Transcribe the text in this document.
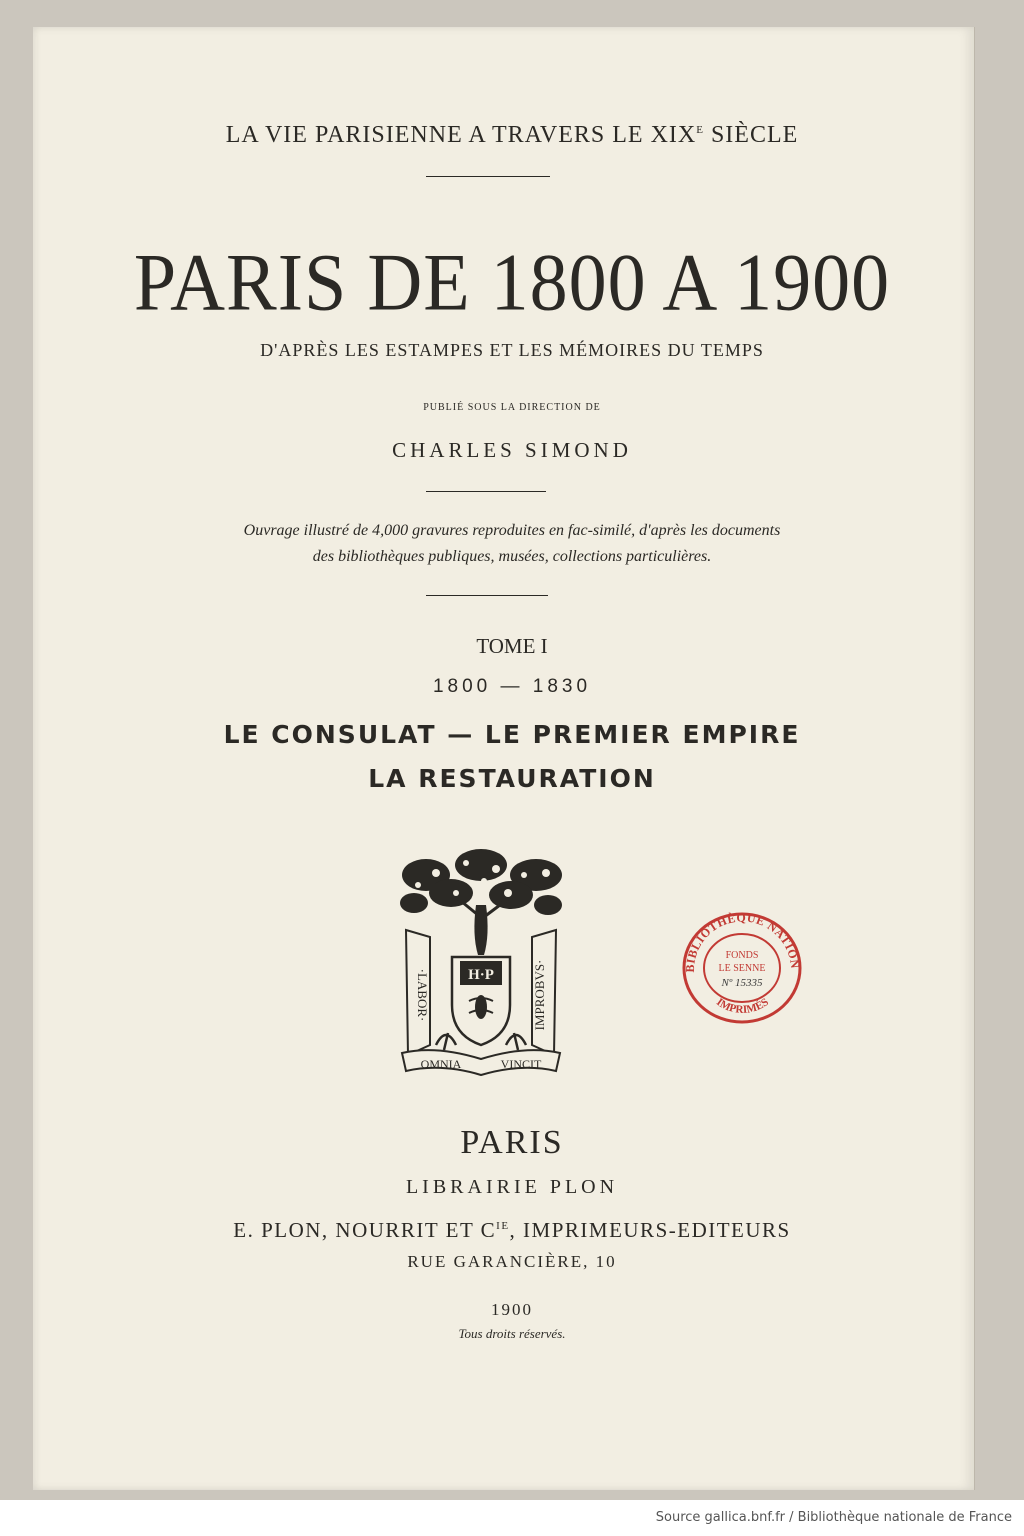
LA VIE PARISIENNE A TRAVERS LE $XIX^E$ SIÈCLE
PARIS DE 1800 A 1900
D'APRÈS LES ESTAMPES ET LES MÉMOIRES DU TEMPS
PUBLIÉ SOUS LA DIRECTION DE
CHARLES SIMOND
Ouvrage illustré de 4,000 gravures reproduites en fac-similé, d'après les documents
des bibliothèques publiques, musées, collections particulières.
TOME I
1800 — 1830
LE CONSULAT — LE PREMIER EMPIRE
LA RESTAURATION
·LABOR·	IMPROBVS·
H·P
OMNIA	VINCIT
BIBLIOTHÈQUE NATION
IMPRIMÉS
FONDS
LE SENNE
Nº 15335
PARIS
LIBRAIRIE PLON
E. PLON, NOURRIT ET $C^{IE}$, IMPRIMEURS-EDITEURS
RUE GARANCIÈRE, 10
1900
Tous droits réservés.
Source gallica.bnf.fr / Bibliothèque nationale de France
